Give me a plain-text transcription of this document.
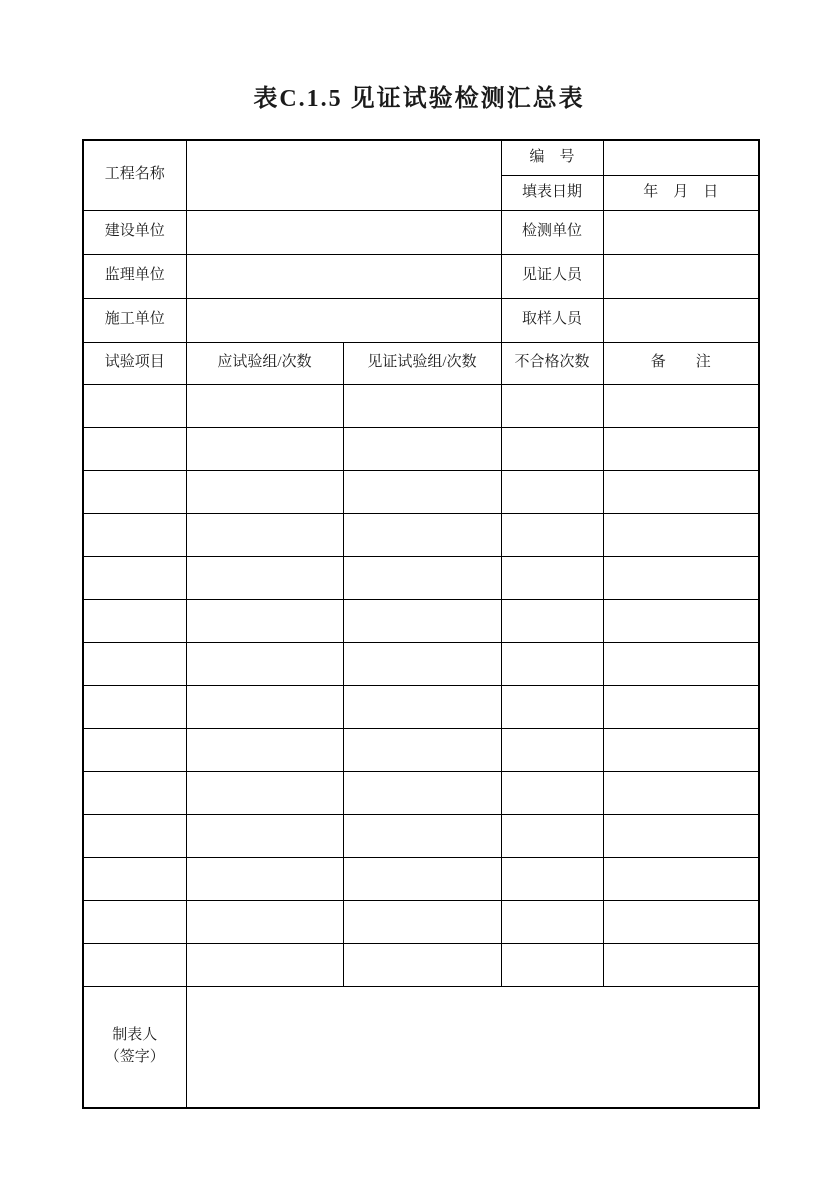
表C.1.5 见证试验检测汇总表
工程名称			编　号	
			填表日期	年　月　日
建设单位			检测单位	
监理单位			见证人员	
施工单位			取样人员	
试验项目	应试验组/次数	见证试验组/次数	不合格次数	备　　注

制表人
（签字）				
